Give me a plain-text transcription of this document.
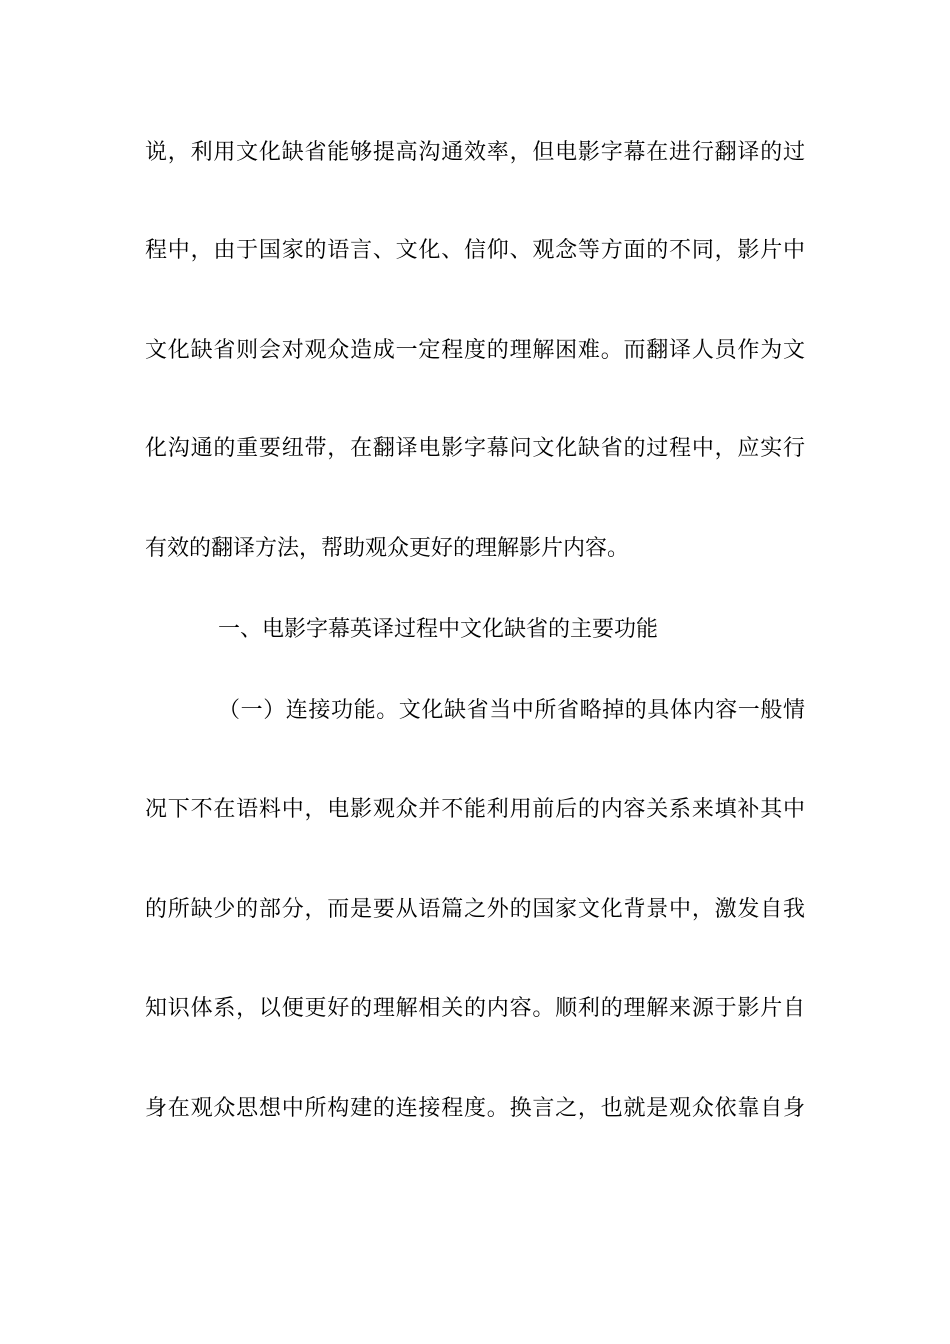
说，利用文化缺省能够提高沟通效率，但电影字幕在进行翻译的过
程中，由于国家的语言、文化、信仰、观念等方面的不同，影片中
文化缺省则会对观众造成一定程度的理解困难。而翻译人员作为文
化沟通的重要纽带，在翻译电影字幕问文化缺省的过程中，应实行
有效的翻译方法，帮助观众更好的理解影片内容。
一、电影字幕英译过程中文化缺省的主要功能
（一）连接功能。文化缺省当中所省略掉的具体内容一般情
况下不在语料中，电影观众并不能利用前后的内容关系来填补其中
的所缺少的部分，而是要从语篇之外的国家文化背景中，激发自我
知识体系，以便更好的理解相关的内容。顺利的理解来源于影片自
身在观众思想中所构建的连接程度。换言之，也就是观众依靠自身
